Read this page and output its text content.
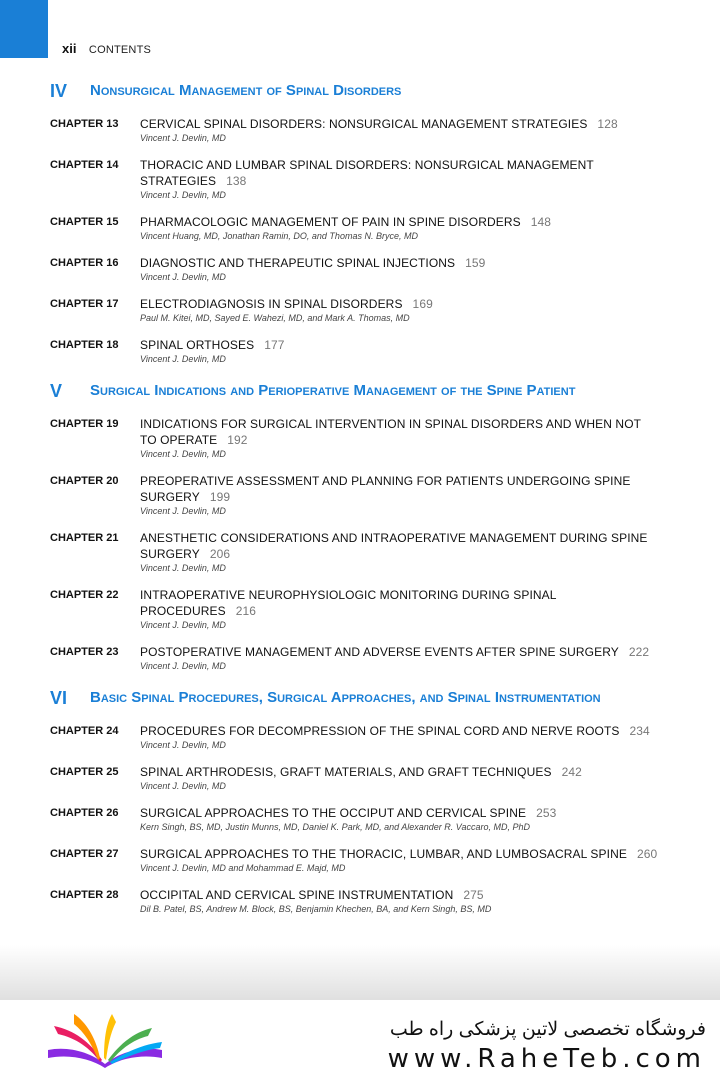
xii CONTENTS
IV	Nonsurgical Management of Spinal Disorders
CHAPTER 13	CERVICAL SPINAL DISORDERS: NONSURGICAL MANAGEMENT STRATEGIES 128
Vincent J. Devlin, MD
CHAPTER 14	THORACIC AND LUMBAR SPINAL DISORDERS: NONSURGICAL MANAGEMENT STRATEGIES 138
Vincent J. Devlin, MD
CHAPTER 15	PHARMACOLOGIC MANAGEMENT OF PAIN IN SPINE DISORDERS 148
Vincent Huang, MD, Jonathan Ramin, DO, and Thomas N. Bryce, MD
CHAPTER 16	DIAGNOSTIC AND THERAPEUTIC SPINAL INJECTIONS 159
Vincent J. Devlin, MD
CHAPTER 17	ELECTRODIAGNOSIS IN SPINAL DISORDERS 169
Paul M. Kitei, MD, Sayed E. Wahezi, MD, and Mark A. Thomas, MD
CHAPTER 18	SPINAL ORTHOSES 177
Vincent J. Devlin, MD
V	Surgical Indications and Perioperative Management of the Spine Patient
CHAPTER 19	INDICATIONS FOR SURGICAL INTERVENTION IN SPINAL DISORDERS AND WHEN NOT TO OPERATE 192
Vincent J. Devlin, MD
CHAPTER 20	PREOPERATIVE ASSESSMENT AND PLANNING FOR PATIENTS UNDERGOING SPINE SURGERY 199
Vincent J. Devlin, MD
CHAPTER 21	ANESTHETIC CONSIDERATIONS AND INTRAOPERATIVE MANAGEMENT DURING SPINE SURGERY 206
Vincent J. Devlin, MD
CHAPTER 22	INTRAOPERATIVE NEUROPHYSIOLOGIC MONITORING DURING SPINAL PROCEDURES 216
Vincent J. Devlin, MD
CHAPTER 23	POSTOPERATIVE MANAGEMENT AND ADVERSE EVENTS AFTER SPINE SURGERY 222
Vincent J. Devlin, MD
VI	Basic Spinal Procedures, Surgical Approaches, and Spinal Instrumentation
CHAPTER 24	PROCEDURES FOR DECOMPRESSION OF THE SPINAL CORD AND NERVE ROOTS 234
Vincent J. Devlin, MD
CHAPTER 25	SPINAL ARTHRODESIS, GRAFT MATERIALS, AND GRAFT TECHNIQUES 242
Vincent J. Devlin, MD
CHAPTER 26	SURGICAL APPROACHES TO THE OCCIPUT AND CERVICAL SPINE 253
Kern Singh, BS, MD, Justin Munns, MD, Daniel K. Park, MD, and Alexander R. Vaccaro, MD, PhD
CHAPTER 27	SURGICAL APPROACHES TO THE THORACIC, LUMBAR, AND LUMBOSACRAL SPINE 260
Vincent J. Devlin, MD and Mohammad E. Majd, MD
CHAPTER 28	OCCIPITAL AND CERVICAL SPINE INSTRUMENTATION 275
Dil B. Patel, BS, Andrew M. Block, BS, Benjamin Khechen, BA, and Kern Singh, BS, MD
فروشگاه تخصصی لاتین پزشکی راه طب
www.RaheTeb.com
